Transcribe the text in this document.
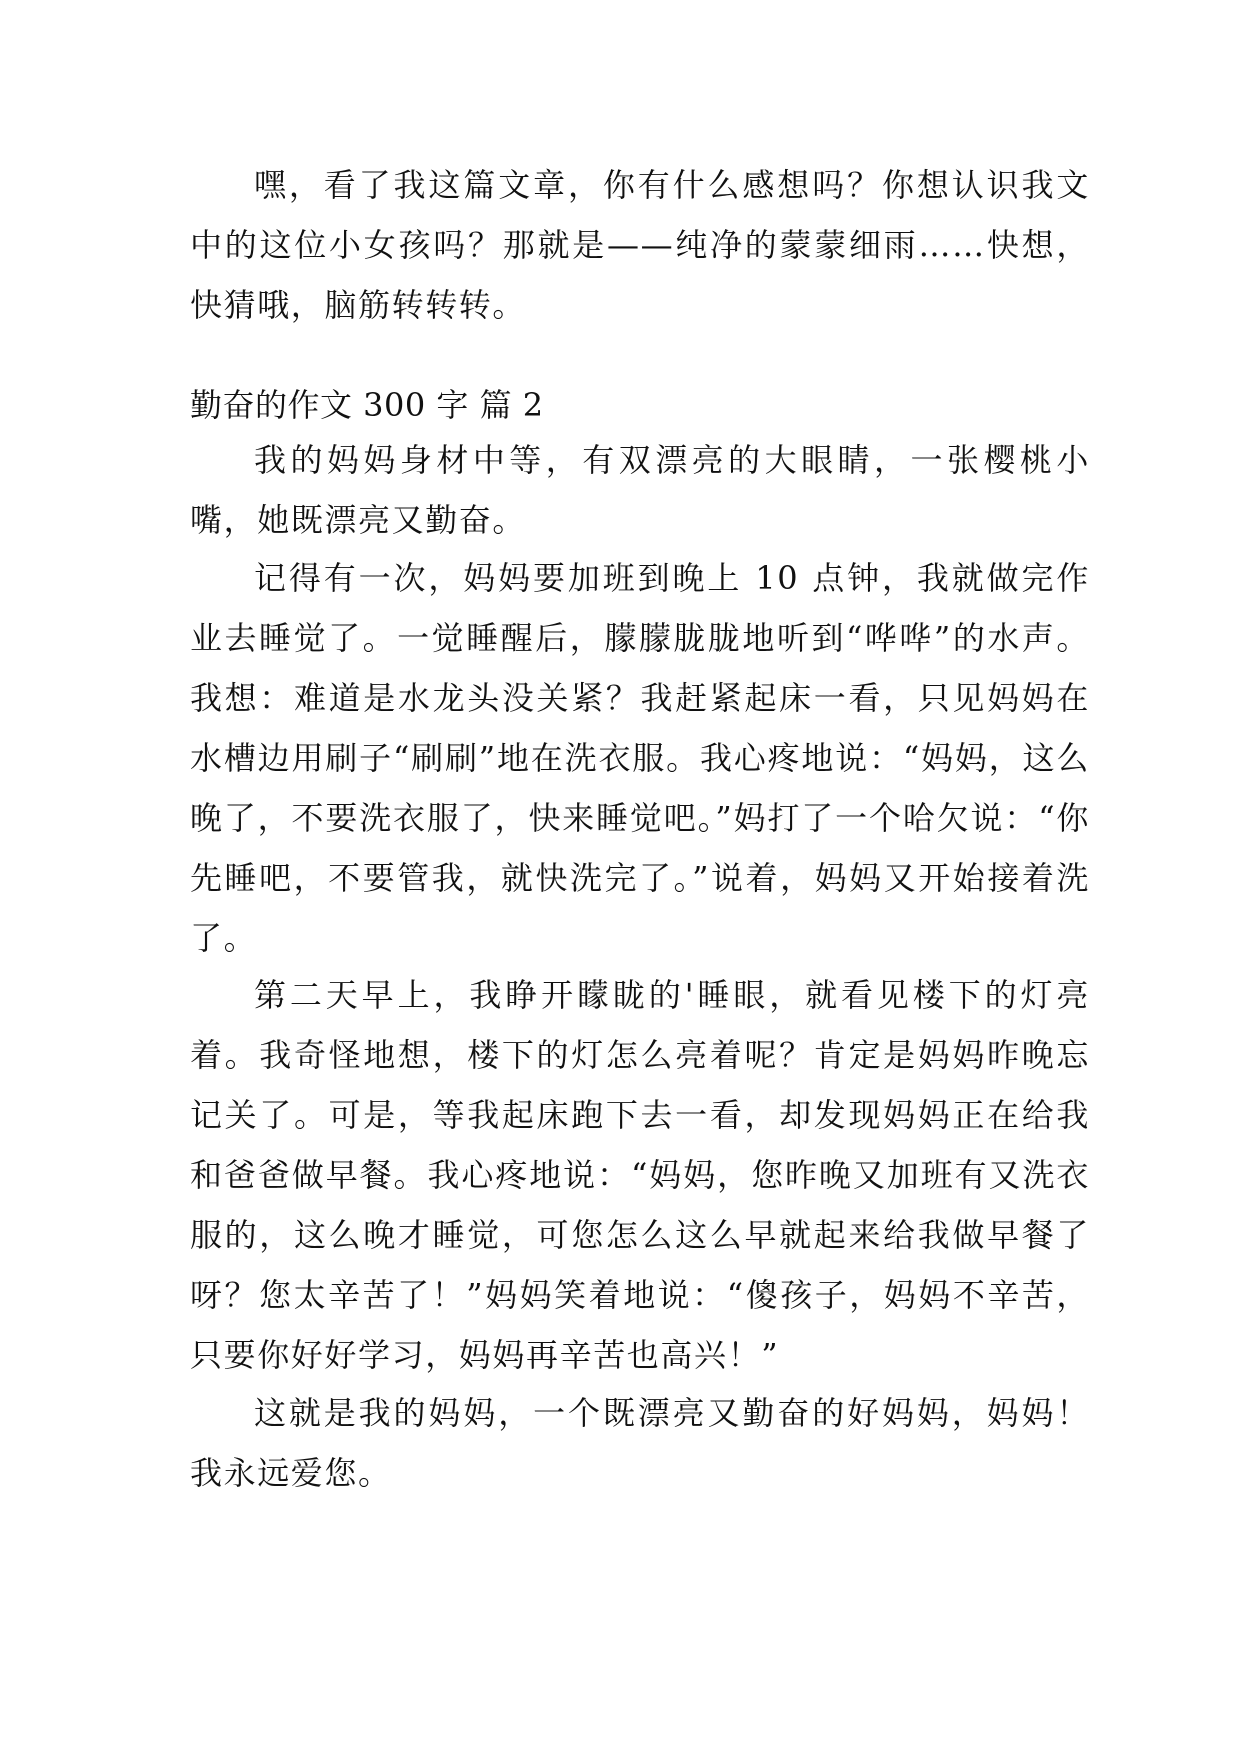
嘿，看了我这篇文章，你有什么感想吗？你想认识我文中的这位小女孩吗？那就是——纯净的蒙蒙细雨……快想，快猜哦，脑筋转转转。

勤奋的作文 300 字 篇 2

我的妈妈身材中等，有双漂亮的大眼睛，一张樱桃小嘴，她既漂亮又勤奋。

记得有一次，妈妈要加班到晚上 10 点钟，我就做完作业去睡觉了。一觉睡醒后，朦朦胧胧地听到“哗哗”的水声。我想：难道是水龙头没关紧？我赶紧起床一看，只见妈妈在水槽边用刷子“刷刷”地在洗衣服。我心疼地说：“妈妈，这么晚了，不要洗衣服了，快来睡觉吧。”妈打了一个哈欠说：“你先睡吧，不要管我，就快洗完了。”说着，妈妈又开始接着洗了。

第二天早上，我睁开矇眬的'睡眼，就看见楼下的灯亮着。我奇怪地想，楼下的灯怎么亮着呢？肯定是妈妈昨晚忘记关了。可是，等我起床跑下去一看，却发现妈妈正在给我和爸爸做早餐。我心疼地说：“妈妈，您昨晚又加班有又洗衣服的，这么晚才睡觉，可您怎么这么早就起来给我做早餐了呀？您太辛苦了！”妈妈笑着地说：“傻孩子，妈妈不辛苦，只要你好好学习，妈妈再辛苦也高兴！”

这就是我的妈妈，一个既漂亮又勤奋的好妈妈，妈妈！我永远爱您。
